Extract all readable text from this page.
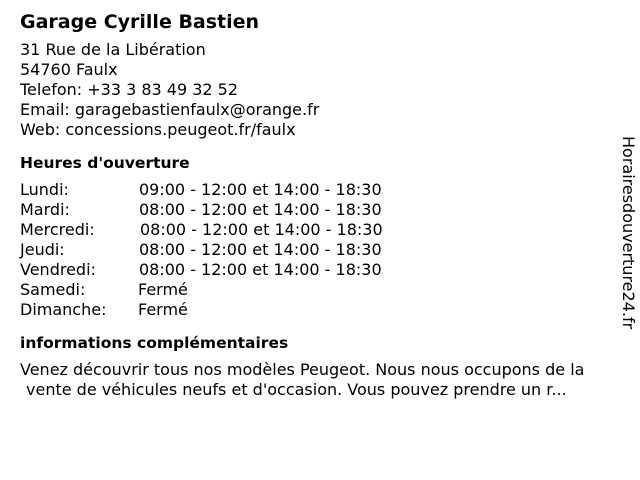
Garage Cyrille Bastien
31 Rue de la Libération
54760 Faulx
Telefon: +33 3 83 49 32 52
Email: garagebastienfaulx@orange.fr
Web: concessions.peugeot.fr/faulx
Heures d'ouverture
Lundi:	09:00 - 12:00 et 14:00 - 18:30
Mardi:	08:00 - 12:00 et 14:00 - 18:30
Mercredi:	08:00 - 12:00 et 14:00 - 18:30
Jeudi:	08:00 - 12:00 et 14:00 - 18:30
Vendredi:	08:00 - 12:00 et 14:00 - 18:30
Samedi:	Fermé
Dimanche: Fermé
informations complémentaires
Venez découvrir tous nos modèles Peugeot. Nous nous occupons de la
vente de véhicules neufs et d'occasion. Vous pouvez prendre un r...
Horairesdouverture24.fr
